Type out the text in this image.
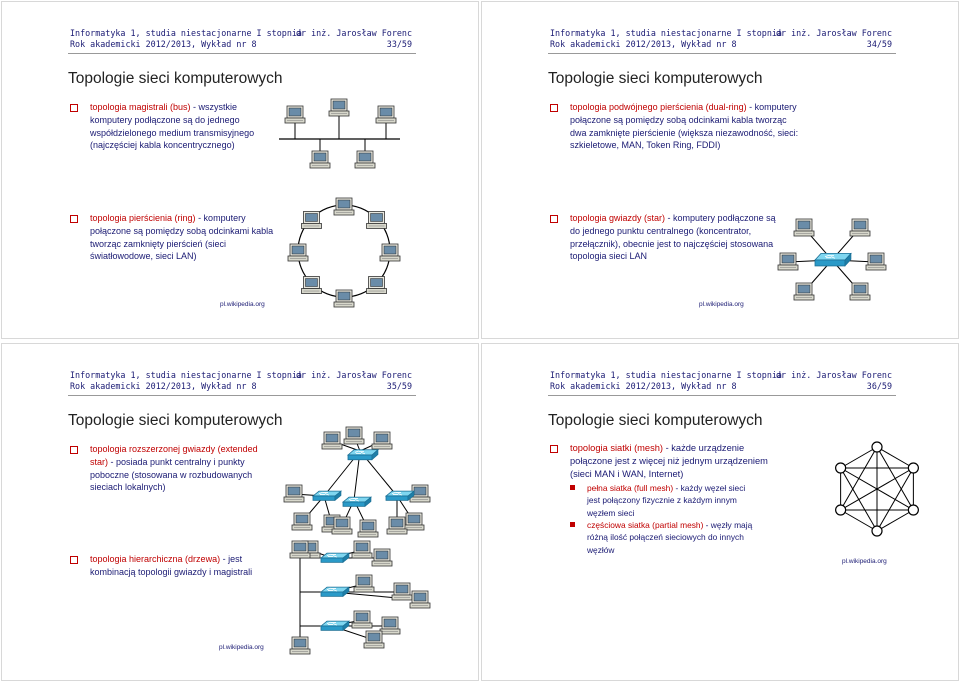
Informatyka 1, studia niestacjonarne I stopnia
dr inż. Jarosław Forenc
Rok akademicki 2012/2013, Wykład nr 8	33/59
Topologie sieci komputerowych
topologia magistrali (bus) - wszystkie komputery podłączone są do jednego współdzielonego medium transmisyjnego (najczęściej kabla koncentrycznego)
topologia pierścienia (ring) - komputery połączone są pomiędzy sobą odcinkami kabla tworząc zamknięty pierścień (sieci światłowodowe, sieci LAN)
pl.wikipedia.org
Informatyka 1, studia niestacjonarne I stopnia
dr inż. Jarosław Forenc
Rok akademicki 2012/2013, Wykład nr 8	34/59
Topologie sieci komputerowych
topologia podwójnego pierścienia (dual-ring) - komputery połączone są pomiędzy sobą odcinkami kabla tworząc dwa zamknięte pierścienie (większa niezawodność, sieci: szkieletowe, MAN, Token Ring, FDDI)
topologia gwiazdy (star) - komputery podłączone są do jednego punktu centralnego (koncentrator, przełącznik), obecnie jest to najczęściej stosowana topologia sieci LAN
pl.wikipedia.org
Informatyka 1, studia niestacjonarne I stopnia
dr inż. Jarosław Forenc
Rok akademicki 2012/2013, Wykład nr 8	35/59
Topologie sieci komputerowych
topologia rozszerzonej gwiazdy (extended star) - posiada punkt centralny i punkty poboczne (stosowana w rozbudowanych sieciach lokalnych)
topologia hierarchiczna (drzewa) - jest kombinacją topologii gwiazdy i magistrali
pl.wikipedia.org
Informatyka 1, studia niestacjonarne I stopnia
dr inż. Jarosław Forenc
Rok akademicki 2012/2013, Wykład nr 8	36/59
Topologie sieci komputerowych
topologia siatki (mesh) - każde urządzenie połączone jest z więcej niż jednym urządzeniem (sieci MAN i WAN, Internet)
pełna siatka (full mesh) - każdy węzeł sieci jest połączony fizycznie z każdym innym węzłem sieci
częściowa siatka (partial mesh) - węzły mają różną ilość połączeń sieciowych do innych węzłów
pl.wikipedia.org
